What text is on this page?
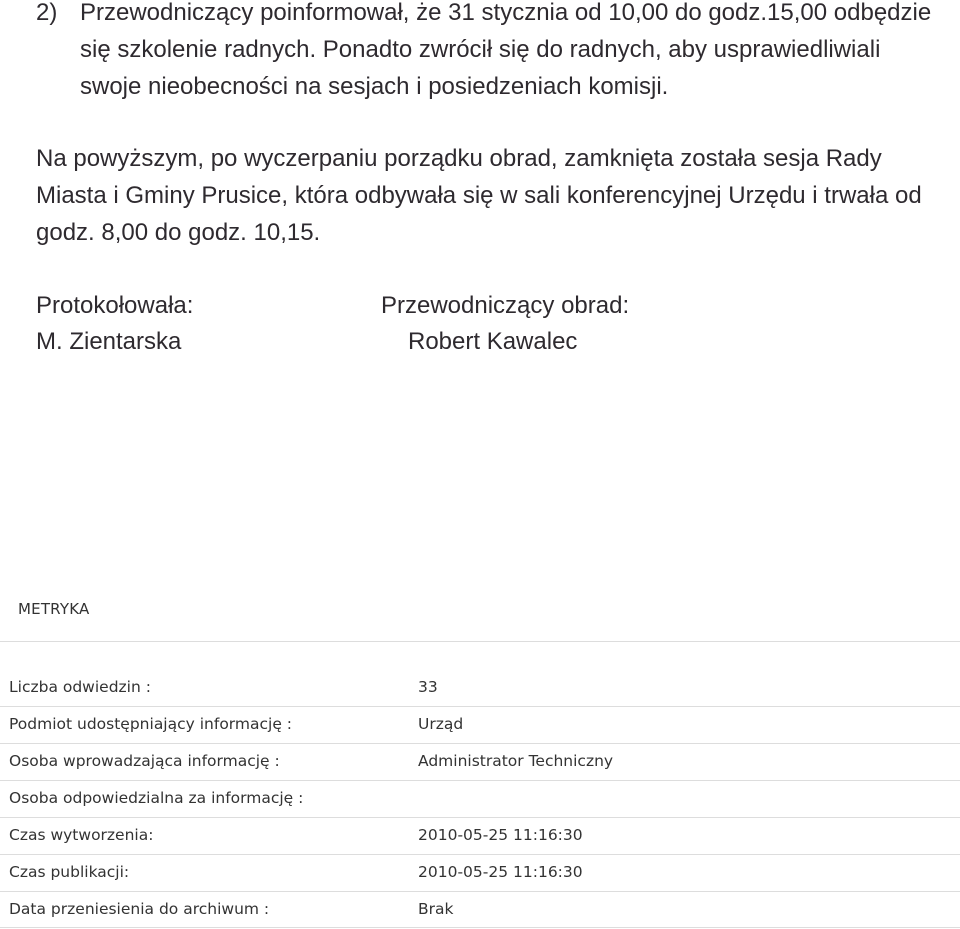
2) Przewodniczący poinformował, że 31 stycznia od 10,00 do godz.15,00 odbędzie się szkolenie radnych. Ponadto zwrócił się do radnych, aby usprawiedliwiali swoje nieobecności na sesjach i posiedzeniach komisji.
Na powyższym, po wyczerpaniu porządku obrad, zamknięta została sesja Rady Miasta i Gminy Prusice, która odbywała się w sali konferencyjnej Urzędu i trwała od godz. 8,00 do godz. 10,15.
Protokołowała:
M. Zientarska
Przewodniczący obrad:
Robert Kawalec
METRYKA
Liczba odwiedzin :	33
Podmiot udostępniający informację :	Urząd
Osoba wprowadzająca informację :	Administrator Techniczny
Osoba odpowiedzialna za informację :
Czas wytworzenia:	2010-05-25 11:16:30
Czas publikacji:	2010-05-25 11:16:30
Data przeniesienia do archiwum :	Brak
